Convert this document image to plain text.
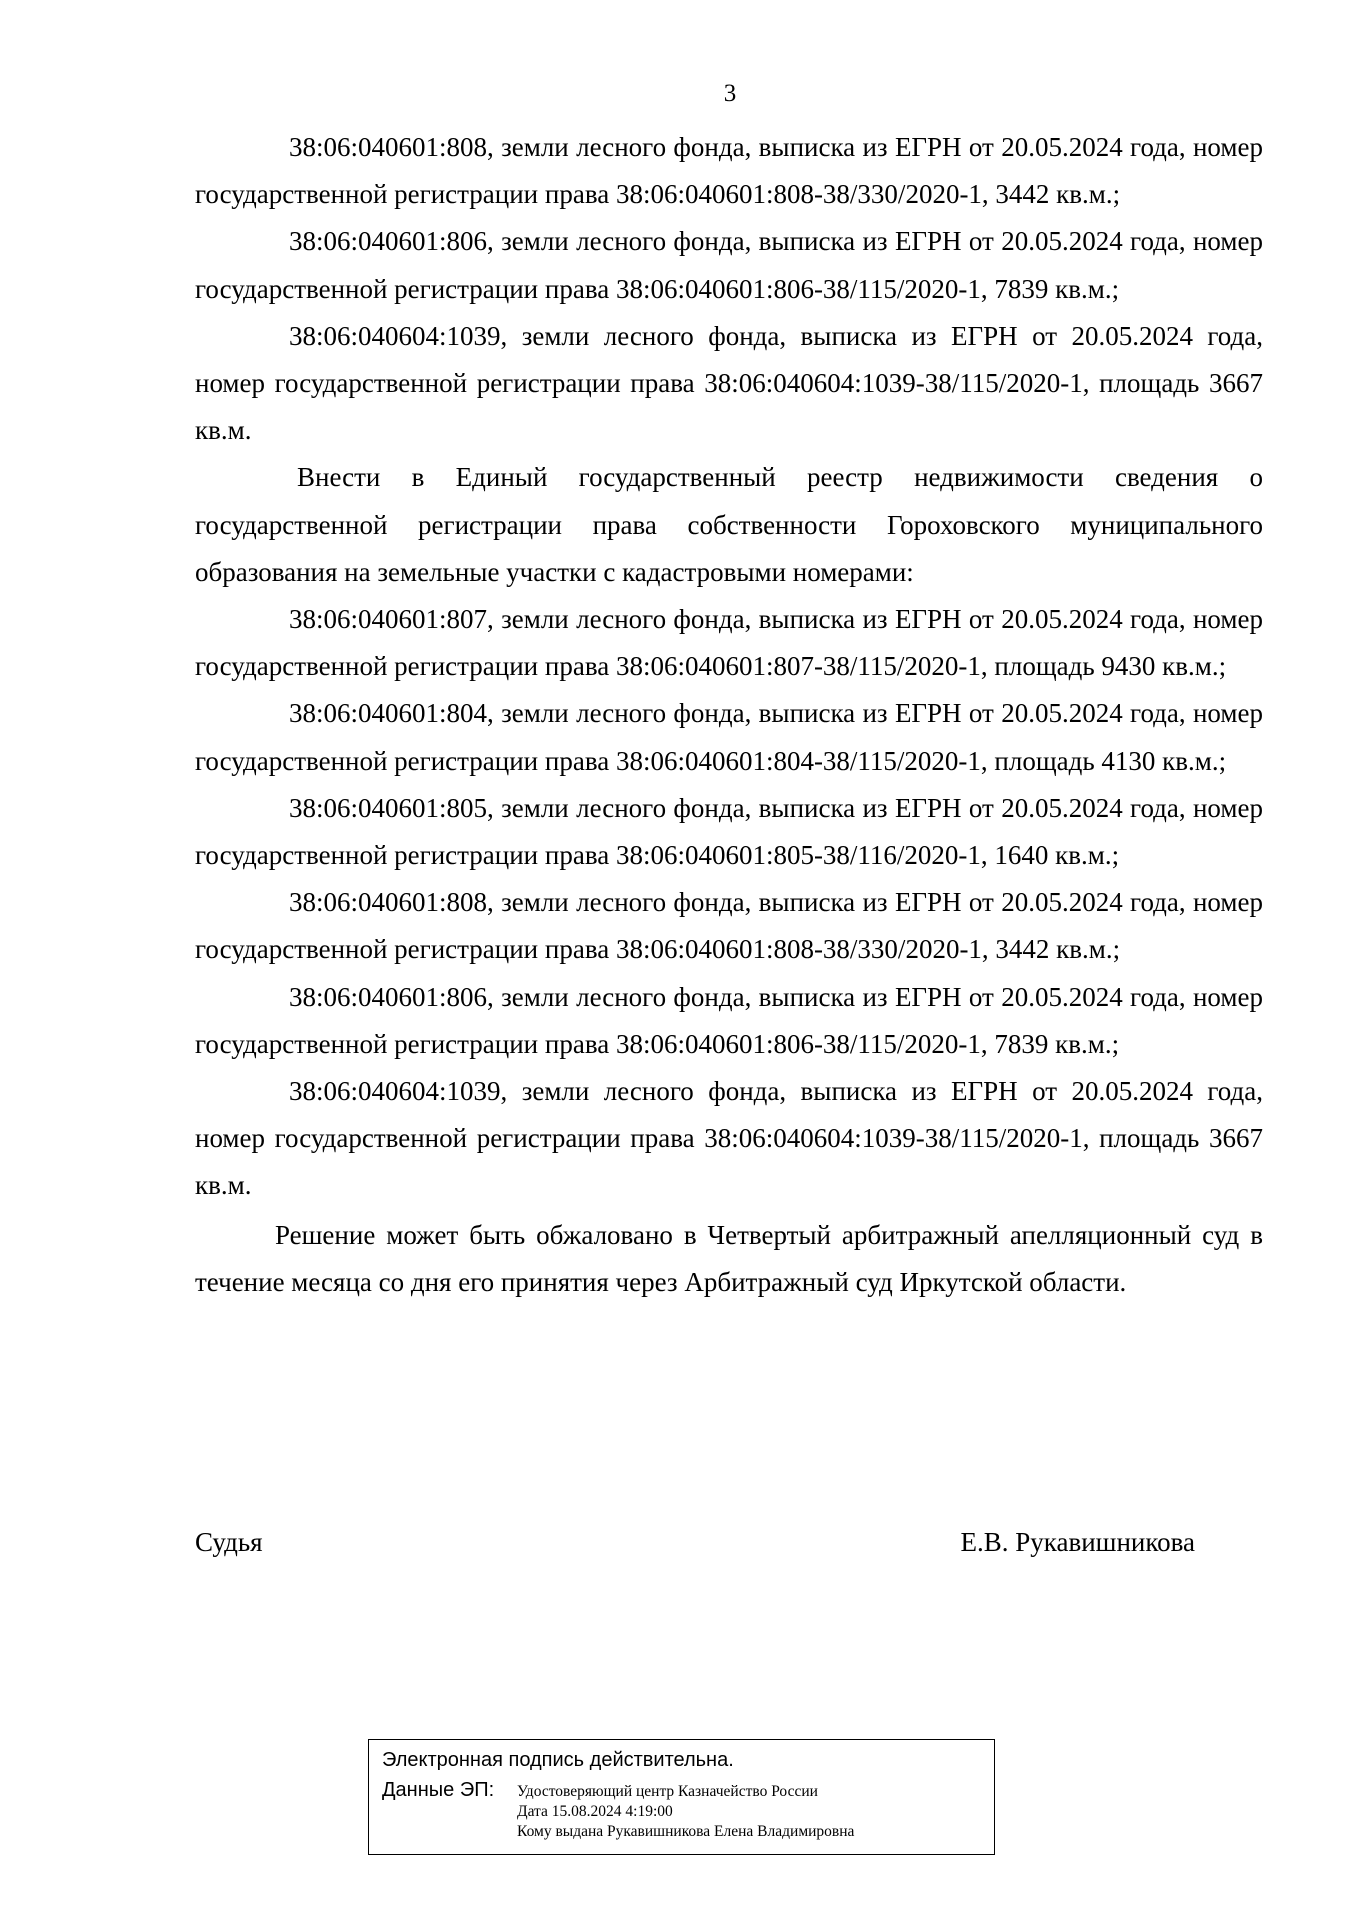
3

38:06:040601:808, земли лесного фонда, выписка из ЕГРН от 20.05.2024 года, номер государственной регистрации права 38:06:040601:808-38/330/2020-1, 3442 кв.м.;

38:06:040601:806, земли лесного фонда, выписка из ЕГРН от 20.05.2024 года, номер государственной регистрации права 38:06:040601:806-38/115/2020-1, 7839 кв.м.;

38:06:040604:1039, земли лесного фонда, выписка из ЕГРН от 20.05.2024 года, номер государственной регистрации права 38:06:040604:1039-38/115/2020-1, площадь 3667 кв.м.

Внести в Единый государственный реестр недвижимости сведения о государственной регистрации права собственности Гороховского муниципального образования на земельные участки с кадастровыми номерами:

38:06:040601:807, земли лесного фонда, выписка из ЕГРН от 20.05.2024 года, номер государственной регистрации права 38:06:040601:807-38/115/2020-1, площадь 9430 кв.м.;

38:06:040601:804, земли лесного фонда, выписка из ЕГРН от 20.05.2024 года, номер государственной регистрации права 38:06:040601:804-38/115/2020-1, площадь 4130 кв.м.;

38:06:040601:805, земли лесного фонда, выписка из ЕГРН от 20.05.2024 года, номер государственной регистрации права 38:06:040601:805-38/116/2020-1, 1640 кв.м.;

38:06:040601:808, земли лесного фонда, выписка из ЕГРН от 20.05.2024 года, номер государственной регистрации права 38:06:040601:808-38/330/2020-1, 3442 кв.м.;

38:06:040601:806, земли лесного фонда, выписка из ЕГРН от 20.05.2024 года, номер государственной регистрации права 38:06:040601:806-38/115/2020-1, 7839 кв.м.;

38:06:040604:1039, земли лесного фонда, выписка из ЕГРН от 20.05.2024 года, номер государственной регистрации права 38:06:040604:1039-38/115/2020-1, площадь 3667 кв.м.

Решение может быть обжаловано в Четвертый арбитражный апелляционный суд в течение месяца со дня его принятия через Арбитражный суд Иркутской области.

Судья	Е.В. Рукавишникова
Электронная подпись действительна.
Данные ЭП: Удостоверяющий центр Казначейство России
Дата 15.08.2024 4:19:00
Кому выдана Рукавишникова Елена Владимировна
